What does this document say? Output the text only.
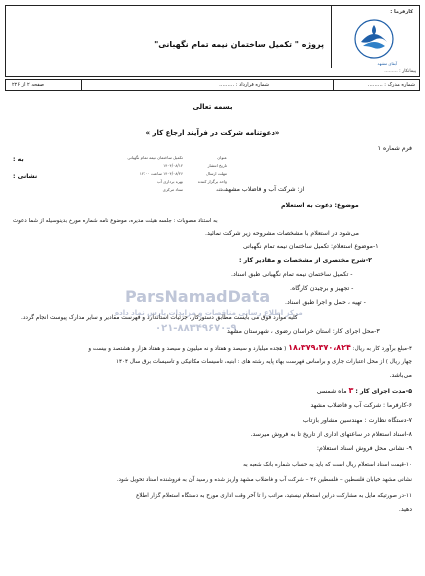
کارفرما :
آبفای مشهد
پروژه " تکمیل ساختمان نیمه تمام نگهبانی"
پیمانکار : ………
شماره مدرک : ………
شماره قرارداد : ………
صفحه ۲ از ۲۲۶
ParsNamadData
مرکز اطلاع رسانی مناقصات و مزایدات پارس نماد داده
۰۲۱-۸۸۳۴۹۶۷۰-۹
بسمه تعالی
«دعوتنامه شرکت در فرآیند ارجاع کار »
فرم شماره ۱
به :
نشانی :
عنوان
تکمیل ساختمان نیمه تمام نگهبانی
تاریخ انتشار
۱۴۰۴/۰۸/۱۲
مهلت ارسال
۱۴۰۴/۰۸/۲۶ ساعت ۱۲:۰۰
واحد برگزار کننده
بهره برداری آب
منطقه
ستاد مرکزی	از: شرکت آب و فاضلاب مشهد
موضوع: دعوت به استعلام
به استناد مصوبات : جلسه هیئت مدیره، موضوع نامه شماره مورخ بدینوسیله از شما دعوت
می‌شود در استعلام با مشخصات مشروحه زیر شرکت نمائید.
۱-موضوع استعلام: تکمیل ساختمان نیمه تمام نگهبانی
۲-شرح مختصری از مشخصات و مقادیر کار :
- تکمیل ساختمان نیمه تمام نگهبانی طبق اسناد.
- تجهیز و برچیدن کارگاه.
- تهیه ، حمل و اجرا طبق اسناد.
کلیه موارد فوق می بایست مطابق دستورکار، جزئیات استاندارد و فهرست مقادیر و سایر مدارک پیوست انجام گردد.
۳-محل اجرای کار: استان خراسان رضوی ، شهرستان مشهد
۴-مبلغ برآورد کار به ریال: ۱۸،۳۷۹،۳۷۰،۸۲۴ ( هجده میلیارد و سیصد و هفتاد و نه میلیون و سیصد و هفتاد هزار و هشتصد و بیست و
چهار ریال ) از محل اعتبارات جاری و براساس فهرست بهاء پایه رشته های : ابنیه، تاسیسات مکانیکی و تاسیسات برق سال ۱۴۰۴
می‌باشد.
۵-مدت اجرای کار : ۳ ماه شمسی
۶-کارفرما : شرکت آب و فاضلاب مشهد
۷-دستگاه نظارت : مهندسین مشاور بازتاب
۸-اسناد استعلام در ساعتهای اداری از تاریخ تا به فروش میرسد.
۹- نشانی محل فروش اسناد استعلام:
۱۰-قیمت اسناد استعلام ریال است که باید به حساب شماره بانک شعبه به
نشانی مشهد خیابان فلسطین – فلسطین ۲۶ – شرکت آب و فاضلاب مشهد واریز شده و رسید آن به فروشنده اسناد تحویل شود.
۱۱-در صورتیکه مایل به مشارکت دراین استعلام نیستید، مراتب را تا آخر وقت اداری مورخ به دستگاه استعلام گزار اطلاع
دهید.
